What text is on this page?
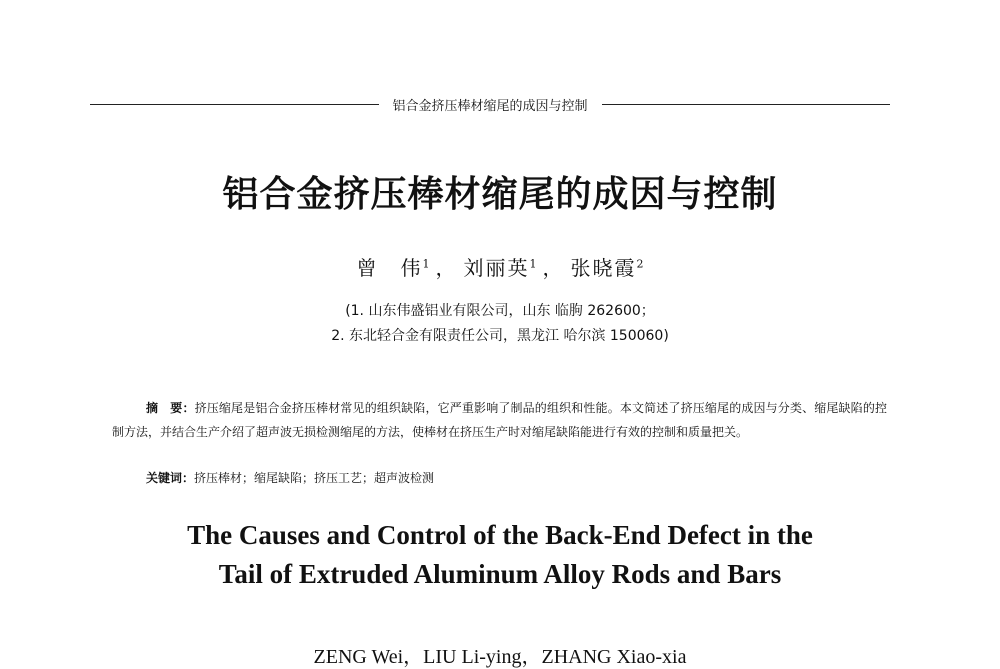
铝合金挤压棒材缩尾的成因与控制
铝合金挤压棒材缩尾的成因与控制
曾　伟$^1$ ， 刘丽英$^1$ ， 张晓霞$^2$
(1. 山东伟盛铝业有限公司，山东 临朐 262600；
2. 东北轻合金有限责任公司，黑龙江 哈尔滨 150060)
摘　要：挤压缩尾是铝合金挤压棒材常见的组织缺陷，它严重影响了制品的组织和性能。本文简述了挤压缩尾的成因与分类、缩尾缺陷的控制方法，并结合生产介绍了超声波无损检测缩尾的方法，使棒材在挤压生产时对缩尾缺陷能进行有效的控制和质量把关。
关键词：挤压棒材；缩尾缺陷；挤压工艺；超声波检测
The Causes and Control of the Back-End Defect in the
Tail of Extruded Aluminum Alloy Rods and Bars
ZENG Wei，LIU Li-ying，ZHANG Xiao-xia
